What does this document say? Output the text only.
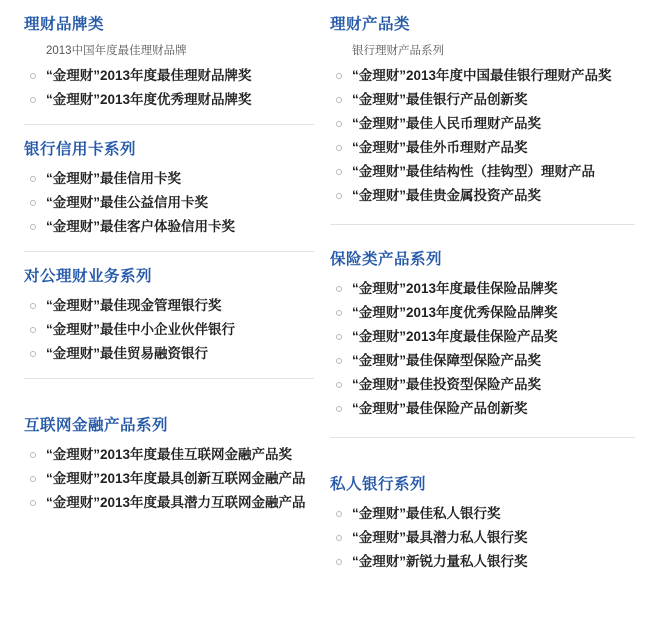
理财品牌类
2013中国年度最佳理财品牌
“金理财”2013年度最佳理财品牌奖
“金理财”2013年度优秀理财品牌奖
银行信用卡系列
“金理财”最佳信用卡奖
“金理财”最佳公益信用卡奖
“金理财”最佳客户体验信用卡奖
对公理财业务系列
“金理财”最佳现金管理银行奖
“金理财”最佳中小企业伙伴银行
“金理财”最佳贸易融资银行
互联网金融产品系列
“金理财”2013年度最佳互联网金融产品奖
“金理财”2013年度最具创新互联网金融产品
“金理财”2013年度最具潜力互联网金融产品
理财产品类
银行理财产品系列
“金理财”2013年度中国最佳银行理财产品奖
“金理财”最佳银行产品创新奖
“金理财”最佳人民币理财产品奖
“金理财”最佳外币理财产品奖
“金理财”最佳结构性（挂钩型）理财产品
“金理财”最佳贵金属投资产品奖
保险类产品系列
“金理财”2013年度最佳保险品牌奖
“金理财”2013年度优秀保险品牌奖
“金理财”2013年度最佳保险产品奖
“金理财”最佳保障型保险产品奖
“金理财”最佳投资型保险产品奖
“金理财”最佳保险产品创新奖
私人银行系列
“金理财”最佳私人银行奖
“金理财”最具潜力私人银行奖
“金理财”新锐力量私人银行奖
